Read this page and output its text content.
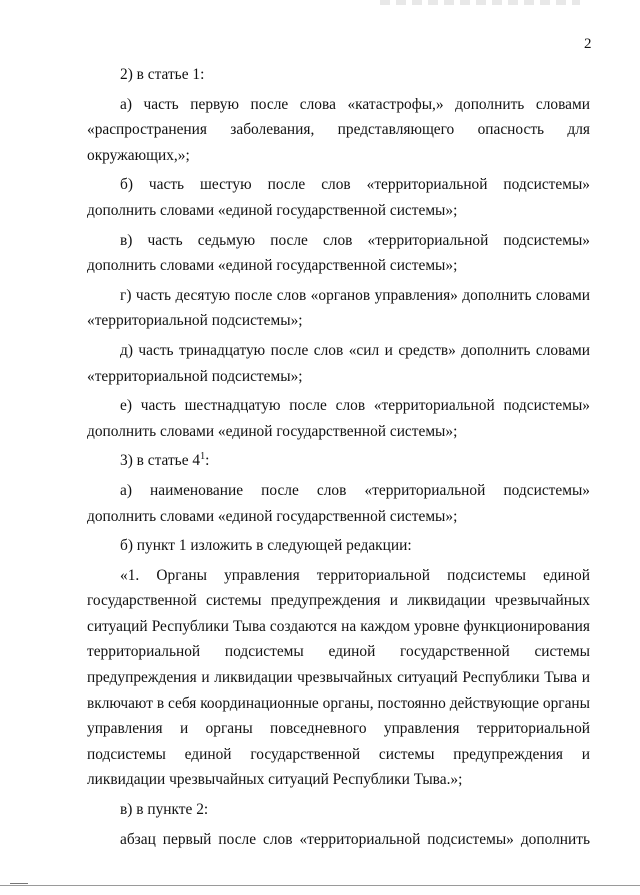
2

2) в статье 1:

а) часть первую после слова «катастрофы,» дополнить словами «распространения заболевания, представляющего опасность для окружающих,»;

б) часть шестую после слов «территориальной подсистемы» дополнить словами «единой государственной системы»;

в) часть седьмую после слов «территориальной подсистемы» дополнить словами «единой государственной системы»;

г) часть десятую после слов «органов управления» дополнить словами «территориальной подсистемы»;

д) часть тринадцатую после слов «сил и средств» дополнить словами «территориальной подсистемы»;

е) часть шестнадцатую после слов «территориальной подсистемы» дополнить словами «единой государственной системы»;

3) в статье $4^1$:

а) наименование после слов «территориальной подсистемы» дополнить словами «единой государственной системы»;

б) пункт 1 изложить в следующей редакции:

«1. Органы управления территориальной подсистемы единой государственной системы предупреждения и ликвидации чрезвычайных ситуаций Республики Тыва создаются на каждом уровне функционирования территориальной подсистемы единой государственной системы предупреждения и ликвидации чрезвычайных ситуаций Республики Тыва и включают в себя координационные органы, постоянно действующие органы управления и органы повседневного управления территориальной подсистемы единой государственной системы предупреждения и ликвидации чрезвычайных ситуаций Республики Тыва.»;

в) в пункте 2:

абзац первый после слов «территориальной подсистемы» дополнить
